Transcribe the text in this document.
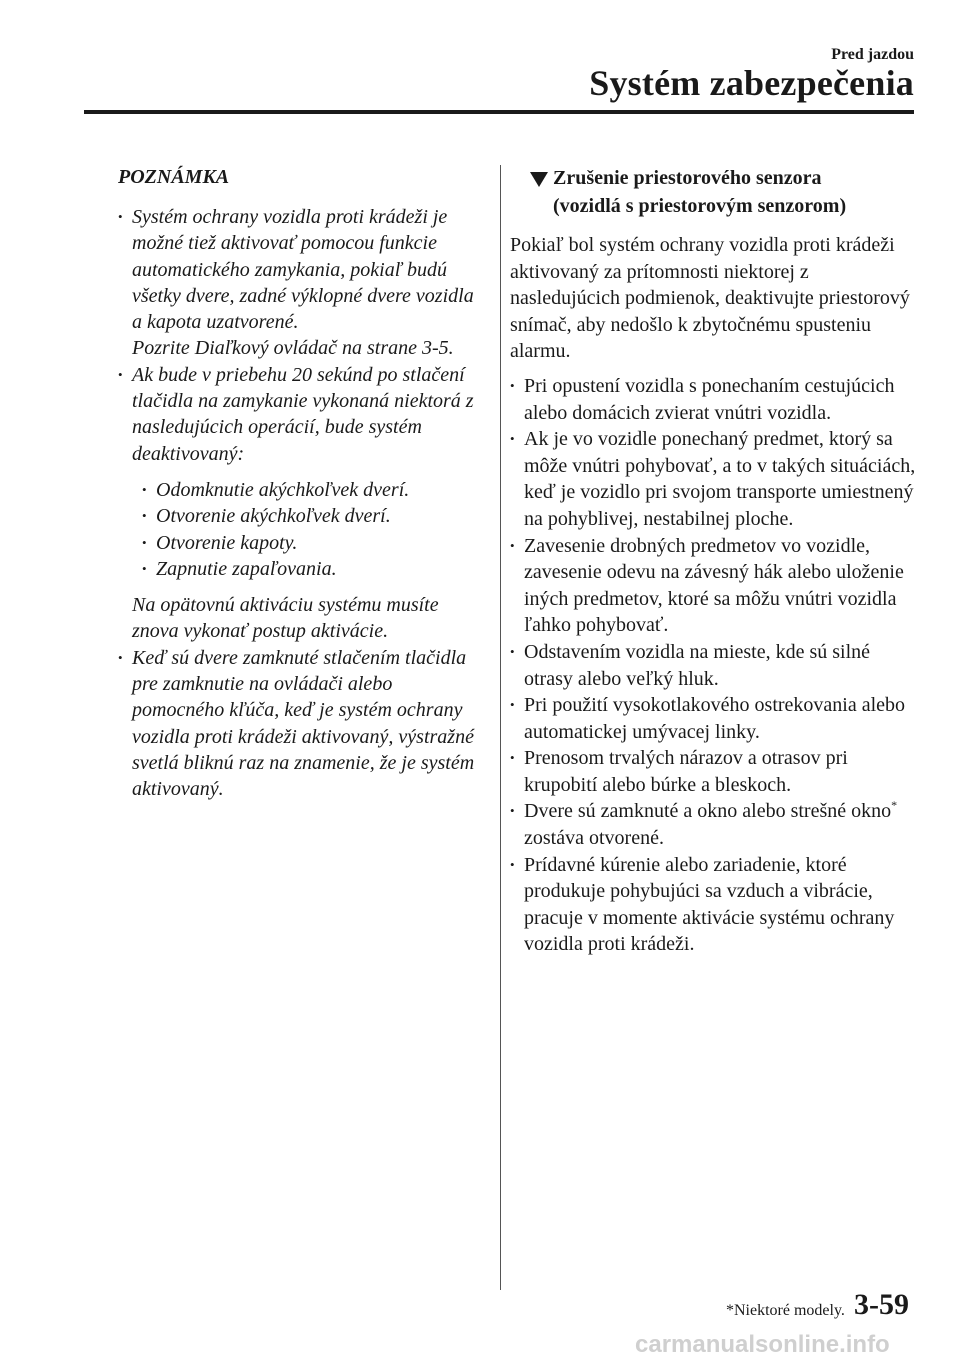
Pred jazdou
Systém zabezpečenia
POZNÁMKA

• Systém ochrany vozidla proti krádeži je možné tiež aktivovať pomocou funkcie automatického zamykania, pokiaľ budú všetky dvere, zadné výklopné dvere vozidla a kapota uzatvorené.

Pozrite Diaľkový ovládač na strane 3-5.

• Ak bude v priebehu 20 sekúnd po stlačení tlačidla na zamykanie vykonaná niektorá z nasledujúcich operácií, bude systém deaktivovaný:

• Odomknutie akýchkoľvek dverí.
• Otvorenie akýchkoľvek dverí.
• Otvorenie kapoty.
• Zapnutie zapaľovania.

Na opätovnú aktiváciu systému musíte znova vykonať postup aktivácie.

• Keď sú dvere zamknuté stlačením tlačidla pre zamknutie na ovládači alebo pomocného kľúča, keď je systém ochrany vozidla proti krádeži aktivovaný, výstražné svetlá bliknú raz na znamenie, že je systém aktivovaný.

Zrušenie priestorového senzora
(vozidlá s priestorovým senzorom)

Pokiaľ bol systém ochrany vozidla proti krádeži aktivovaný za prítomnosti niektorej z nasledujúcich podmienok, deaktivujte priestorový snímač, aby nedošlo k zbytočnému spusteniu alarmu.

• Pri opustení vozidla s ponechaním cestujúcich alebo domácich zvierat vnútri vozidla.
• Ak je vo vozidle ponechaný predmet, ktorý sa môže vnútri pohybovať, a to v takých situáciách, keď je vozidlo pri svojom transporte umiestnený na pohyblivej, nestabilnej ploche.
• Zavesenie drobných predmetov vo vozidle, zavesenie odevu na závesný hák alebo uloženie iných predmetov, ktoré sa môžu vnútri vozidla ľahko pohybovať.
• Odstavením vozidla na mieste, kde sú silné otrasy alebo veľký hluk.
• Pri použití vysokotlakového ostrekovania alebo automatickej umývacej linky.
• Prenosom trvalých nárazov a otrasov pri krupobití alebo búrke a bleskoch.
• Dvere sú zamknuté a okno alebo strešné okno* zostáva otvorené.
• Prídavné kúrenie alebo zariadenie, ktoré produkuje pohybujúci sa vzduch a vibrácie, pracuje v momente aktivácie systému ochrany vozidla proti krádeži.
*Niektoré modely. 3-59
carmanualsonline.info
